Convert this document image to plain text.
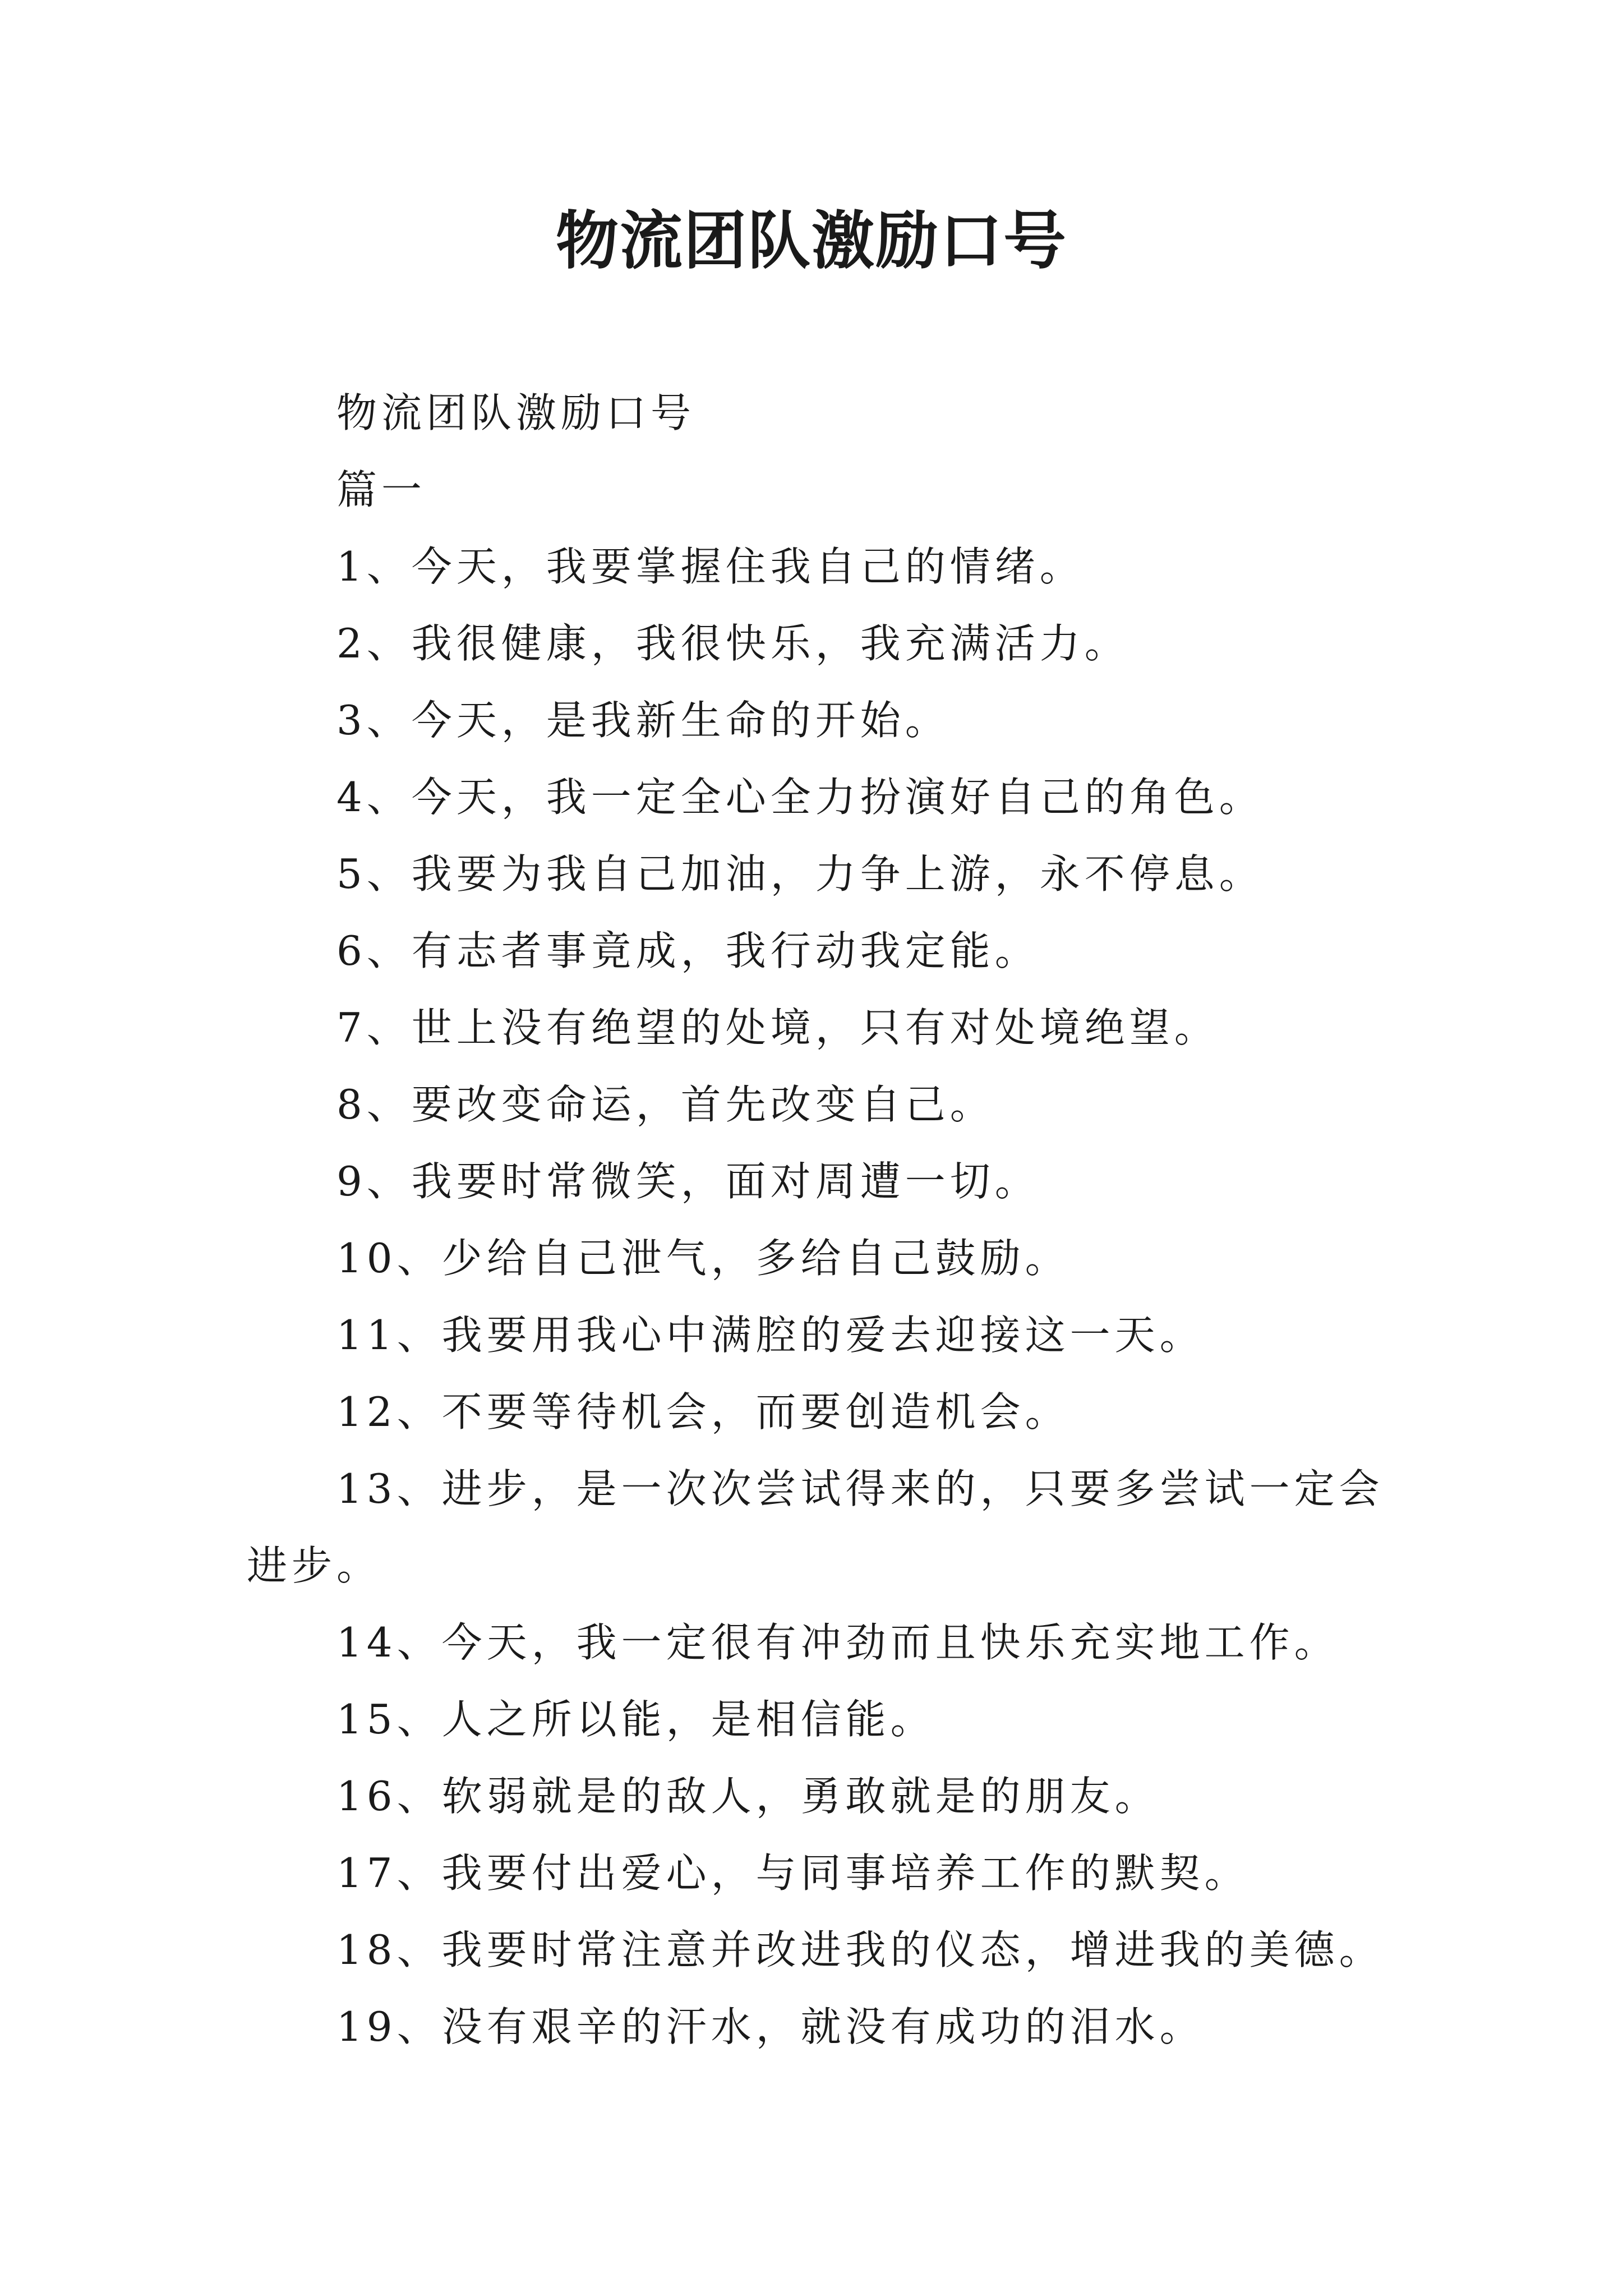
物流团队激励口号

物流团队激励口号

篇一

1、今天，我要掌握住我自己的情绪。

2、我很健康，我很快乐，我充满活力。

3、今天，是我新生命的开始。

4、今天，我一定全心全力扮演好自己的角色。

5、我要为我自己加油，力争上游，永不停息。

6、有志者事竟成，我行动我定能。

7、世上没有绝望的处境，只有对处境绝望。

8、要改变命运，首先改变自己。

9、我要时常微笑，面对周遭一切。

10、少给自己泄气，多给自己鼓励。

11、我要用我心中满腔的爱去迎接这一天。

12、不要等待机会，而要创造机会。

13、进步，是一次次尝试得来的，只要多尝试一定会进步。

14、今天，我一定很有冲劲而且快乐充实地工作。

15、人之所以能，是相信能。

16、软弱就是的敌人，勇敢就是的朋友。

17、我要付出爱心，与同事培养工作的默契。

18、我要时常注意并改进我的仪态，增进我的美德。

19、没有艰辛的汗水，就没有成功的泪水。
